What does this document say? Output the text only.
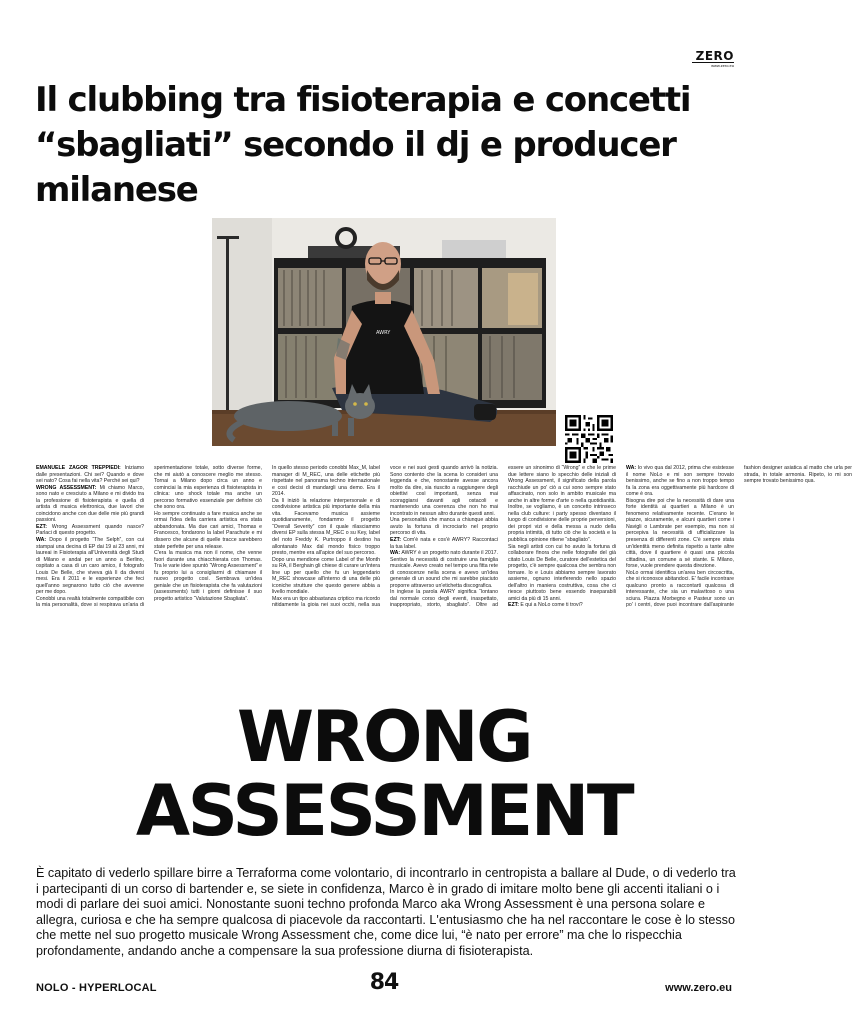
ZERO
www.zero.eu
Il clubbing tra fisioterapia e concetti “sbagliati” secondo il dj e producer milanese
AWRY

EMANUELE ZAGOR TREPPIEDI: Iniziamo dalle presentazioni. Chi sei? Quando e dove sei nato? Cosa fai nella vita? Perché sei qui?

WRONG ASSESSMENT: Mi chiamo Marco, sono nato e cresciuto a Milano e mi divido tra la professione di fisioterapista e quella di artista di musica elettronica, due lavori che coincidono anche con due delle mie più grandi passioni.

EZT: Wrong Assessment quando nasce? Parlaci di questo progetto.

WA: Dopo il progetto “The Selph”, con cui stampai una decina di EP dai 19 ai 23 anni, mi laureai in Fisioterapia all'Università degli Studi di Milano e andai per un anno a Berlino, ospitato a casa di un caro amico, il fotografo Louis De Belle, che viveva già lì da diversi mesi. Era il 2011 e le esperienze che feci quell'anno segnarono tutto ciò che avvenne per me dopo.

Conobbi una realtà totalmente compatibile con la mia personalità, dove si respirava un'aria di sperimentazione totale, sotto diverse forme, che mi aiutò a conoscere meglio me stesso. Tornai a Milano dopo circa un anno e cominciai la mia esperienza di fisioterapista in clinica: uno shock totale ma anche un percorso formativo essenziale per definire ciò che sono ora.

Ho sempre continuato a fare musica anche se ormai l'idea della carriera artistica era stata abbandonata. Ma due cari amici, Thomas e Francesco, fondarono la label Parachute e mi dissero che alcune di quelle tracce sarebbero state perfette per una release.

C'era la musica ma non il nome, che venne fuori durante una chiacchierata con Thomas. Tra le varie idee spuntò “Wrong Assessment” e fu proprio lui a consigliarmi di chiamare il nuovo progetto così. Sembrava un'idea geniale che un fisioterapista che fa valutazioni (assessments) tutti i giorni definisse il suo progetto artistico “Valutazione Sbagliata”.

In quello stesso periodo conobbi Max_M, label manager di M_REC, una delle etichette più rispettate nel panorama techno internazionale e così decisi di mandargli una demo. Era il 2014.

Da lì iniziò la relazione interpersonale e di condivisione artistica più importante della mia vita. Facevamo musica assieme quotidianamente, fondammo il progetto “Overall Severity” con il quale rilasciammo diversi EP sulla stessa M_REC o su Key, label del noto Freddy K. Purtroppo il destino ha allontanato Max dal mondo fisico troppo presto, mentre era all'apice del suo percorso.

Dopo una mendione come Label of the Month su RA, il Berghain gli chiese di curare un'intera line up per quello che fu un leggendario M_REC showcase all'interno di una delle più iconiche strutture che questo genere abbia a livello mondiale.

Max era un tipo abbastanza criptico ma ricordo nitidamente la gioia nei suoi occhi, nella sua voce e nei suoi gesti quando arrivò la notizia. Sono contento che la scena lo consideri una leggenda e che, nonostante avesse ancora molto da dire, sia riuscito a raggiungere degli obiettivi così importanti, senza mai scoraggiarsi davanti agli ostacoli e mantenendo una coerenza che non ho mai incontrato in nessun altro durante questi anni.

Una personalità che manca a chiunque abbia avuto la fortuna di incrociarlo nel proprio percorso di vita.

EZT: Com'è nata e cos'è AWRY? Raccontaci la tua label.

WA: AWRY è un progetto nato durante il 2017. Sentivo la necessità di costruire una famiglia musicale. Avevo creato nel tempo una fitta rete di conoscenze nella scena e avevo un'idea generale di un sound che mi sarebbe piaciuto proporre attraverso un'etichetta discografica.

In inglese la parola AWRY significa “lontano dal normale corso degli eventi, inaspettato, inappropriato, storto, sbagliato”. Oltre ad essere un sinonimo di “Wrong” e che le prime due lettere siano lo specchio delle iniziali di Wrong Assessment, il significato della parola racchiude un po' ciò a cui sono sempre stato affascinato, non solo in ambito musicale ma anche in altre forme d'arte o nella quotidianità. Inoltre, se vogliamo, è un concetto intrinseco nella club culture: i party spesso diventano il luogo di condivisione delle proprie perversioni, dei propri vizi e della messa a nudo della propria intimità, di tutto ciò che la società e la pubblica opinione ritiene “sbagliato”.

Sia negli artisti con cui ho avuto la fortuna di collaborare finora che nelle fotografie del già citato Louis De Belle, curatore dell'estetica del progetto, c'è sempre qualcosa che sembra non tornare. Io e Louis abbiamo sempre lavorato assieme, ognuno interferendo nello spazio dell'altro in maniera costruttiva, cosa che ci riesce piuttosto bene essendo inseparabili amici da più di 15 anni.

EZT: E qui a NoLo come ti trovi?

WA: Io vivo qua dal 2012, prima che esistesse il nome NoLo e mi son sempre trovato benissimo, anche se fino a non troppo tempo fa la zona era oggettivamente più hardcore di come è ora.

Bisogna dire poi che la necessità di dare una forte identità ai quartieri a Milano è un fenomeno relativamente recente. C'erano le piazze, sicuramente, e alcuni quartieri come i Navigli o Lambrate per esempio, ma non si percepiva la necessità di ufficializzare la presenza di differenti zone. C'è sempre stata un'identità meno definita rispetto a tante altre città, dove il quartiere è quasi una piccola cittadina, un comune a sé stante. E Milano, forse, vuole prendere questa direzione.

NoLo ormai identifica un'area ben circoscritta, che si riconosce abitandoci. E' facile incontrare qualcuno pronto a raccontarti qualcosa di interessante, che sia un malavitoso o una sciura. Piazza Morbegno e Pasteur sono un po' i centri, dove puoi incontrare dall'aspirante fashion designer asiatica al matto che urla per strada, in totale armonia. Ripeto, io mi son sempre trovato benissimo qua.

WRONG
ASSESSMENT

È capitato di vederlo spillare birre a Terraforma come volontario, di incontrarlo in centropista a ballare al Dude, o di vederlo tra i partecipanti di un corso di bartender e, se siete in confidenza, Marco è in grado di imitare molto bene gli accenti italiani o i modi di parlare dei suoi amici. Nonostante suoni techno profonda Marco aka Wrong Assessment è una persona solare e allegra, curiosa e che ha sempre qualcosa di piacevole da raccontarti. L'entusiasmo che ha nel raccontare le cose è lo stesso che mette nel suo progetto musicale Wrong Assessment che, come dice lui, “è nato per errore” ma che lo rispecchia profondamente, andando anche a compensare la sua professione diurna di fisioterapista.

NOLO - HYPERLOCAL	84	www.zero.eu
